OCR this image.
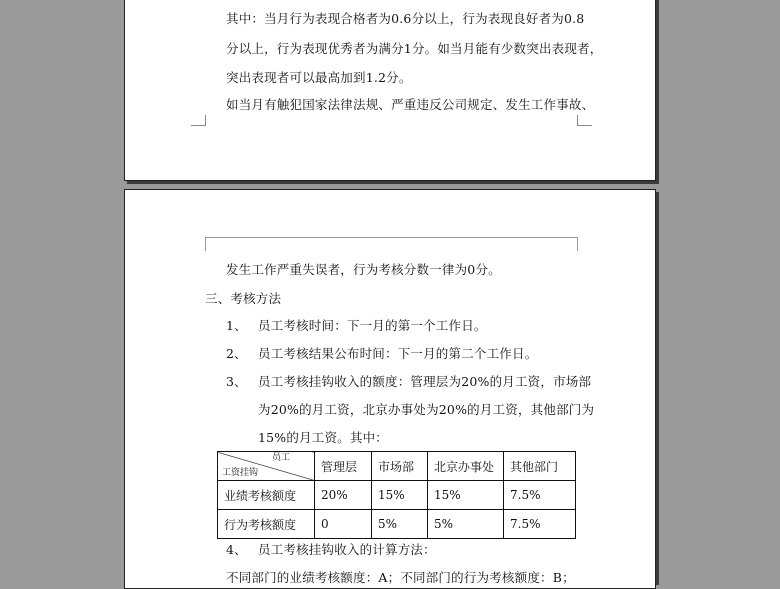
其中：当月行为表现合格者为0.6分以上，行为表现良好者为0.8
分以上，行为表现优秀者为满分1分。如当月能有少数突出表现者，
突出表现者可以最高加到1.2分。
如当月有触犯国家法律法规、严重违反公司规定、发生工作事故、
发生工作严重失误者，行为考核分数一律为0分。
三、考核方法
1、 员工考核时间：下一月的第一个工作日。
2、 员工考核结果公布时间：下一月的第二个工作日。
3、 员工考核挂钩收入的额度：管理层为20%的月工资，市场部
为20%的月工资，北京办事处为20%的月工资，其他部门为
15%的月工资。其中：
员工
工资挂钩	管理层	市场部	北京办事处	其他部门
业绩考核额度	20%	15%	15%	7.5%
行为考核额度	0	5%	5%	7.5%
4、 员工考核挂钩收入的计算方法：
不同部门的业绩考核额度：A；不同部门的行为考核额度：B；
